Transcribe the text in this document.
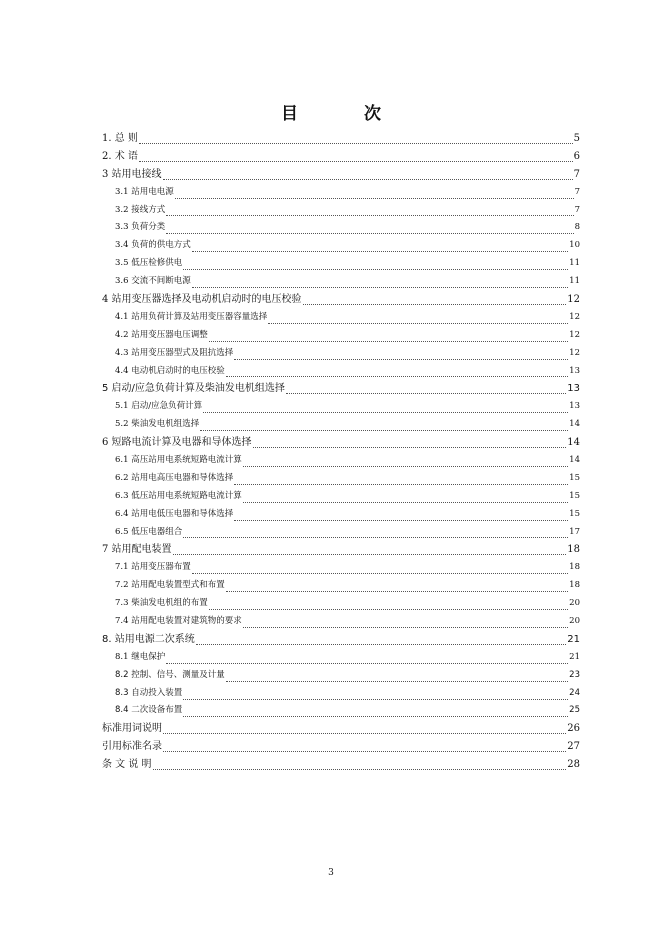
目 次
1. 总 则	5
2. 术 语	6
3 站用电接线	7
3.1 站用电电源	7
3.2 接线方式	7
3.3 负荷分类	8
3.4 负荷的供电方式	10
3.5 低压检修供电	11
3.6 交流不间断电源	11
4 站用变压器选择及电动机启动时的电压校验	12
4.1 站用负荷计算及站用变压器容量选择	12
4.2 站用变压器电压调整	12
4.3 站用变压器型式及阻抗选择	12
4.4 电动机启动时的电压校验	13
5 启动/应急负荷计算及柴油发电机组选择	13
5.1 启动/应急负荷计算	13
5.2 柴油发电机组选择	14
6 短路电流计算及电器和导体选择	14
6.1 高压站用电系统短路电流计算	14
6.2 站用电高压电器和导体选择	15
6.3 低压站用电系统短路电流计算	15
6.4 站用电低压电器和导体选择	15
6.5 低压电器组合	17
7 站用配电装置	18
7.1 站用变压器布置	18
7.2 站用配电装置型式和布置	18
7.3 柴油发电机组的布置	20
7.4 站用配电装置对建筑物的要求	20
8. 站用电源二次系统	21
8.1 继电保护	21
8.2 控制、信号、测量及计量	23
8.3 自动投入装置	24
8.4 二次设备布置	25
标准用词说明	26
引用标准名录	27
条 文 说 明	28
3
